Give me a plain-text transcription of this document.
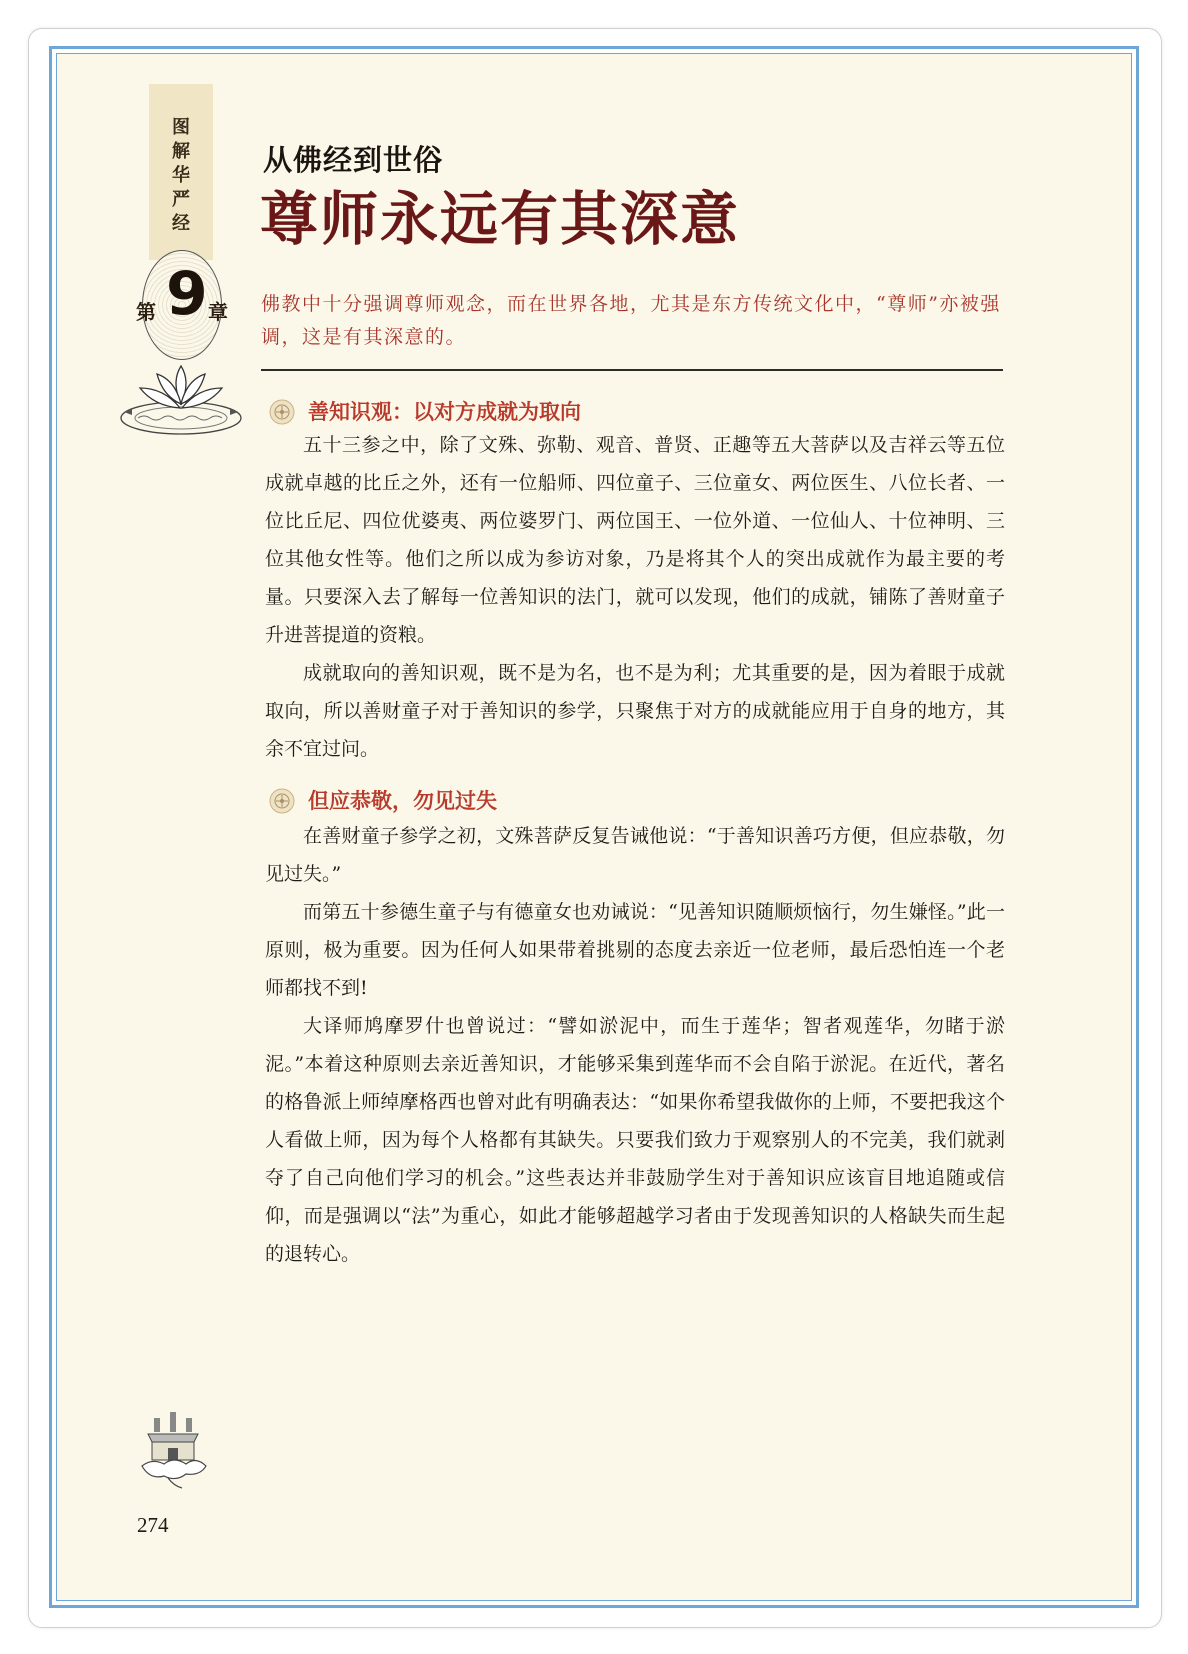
图解华严经
第 9 章
从佛经到世俗
尊师永远有其深意
佛教中十分强调尊师观念，而在世界各地，尤其是东方传统文化中，“尊师”亦被强调，这是有其深意的。
善知识观：以对方成就为取向

五十三参之中，除了文殊、弥勒、观音、普贤、正趣等五大菩萨以及吉祥云等五位成就卓越的比丘之外，还有一位船师、四位童子、三位童女、两位医生、八位长者、一位比丘尼、四位优婆夷、两位婆罗门、两位国王、一位外道、一位仙人、十位神明、三位其他女性等。他们之所以成为参访对象，乃是将其个人的突出成就作为最主要的考量。只要深入去了解每一位善知识的法门，就可以发现，他们的成就，铺陈了善财童子升进菩提道的资粮。

成就取向的善知识观，既不是为名，也不是为利；尤其重要的是，因为着眼于成就取向，所以善财童子对于善知识的参学，只聚焦于对方的成就能应用于自身的地方，其余不宜过问。

但应恭敬，勿见过失

在善财童子参学之初，文殊菩萨反复告诫他说：“于善知识善巧方便，但应恭敬，勿见过失。”

而第五十参德生童子与有德童女也劝诫说：“见善知识随顺烦恼行，勿生嫌怪。”此一原则，极为重要。因为任何人如果带着挑剔的态度去亲近一位老师，最后恐怕连一个老师都找不到!

大译师鸠摩罗什也曾说过：“譬如淤泥中，而生于莲华；智者观莲华，勿睹于淤泥。”本着这种原则去亲近善知识，才能够采集到莲华而不会自陷于淤泥。在近代，著名的格鲁派上师绰摩格西也曾对此有明确表达：“如果你希望我做你的上师，不要把我这个人看做上师，因为每个人格都有其缺失。只要我们致力于观察别人的不完美，我们就剥夺了自己向他们学习的机会。”这些表达并非鼓励学生对于善知识应该盲目地追随或信仰，而是强调以“法”为重心，如此才能够超越学习者由于发现善知识的人格缺失而生起的退转心。

274
